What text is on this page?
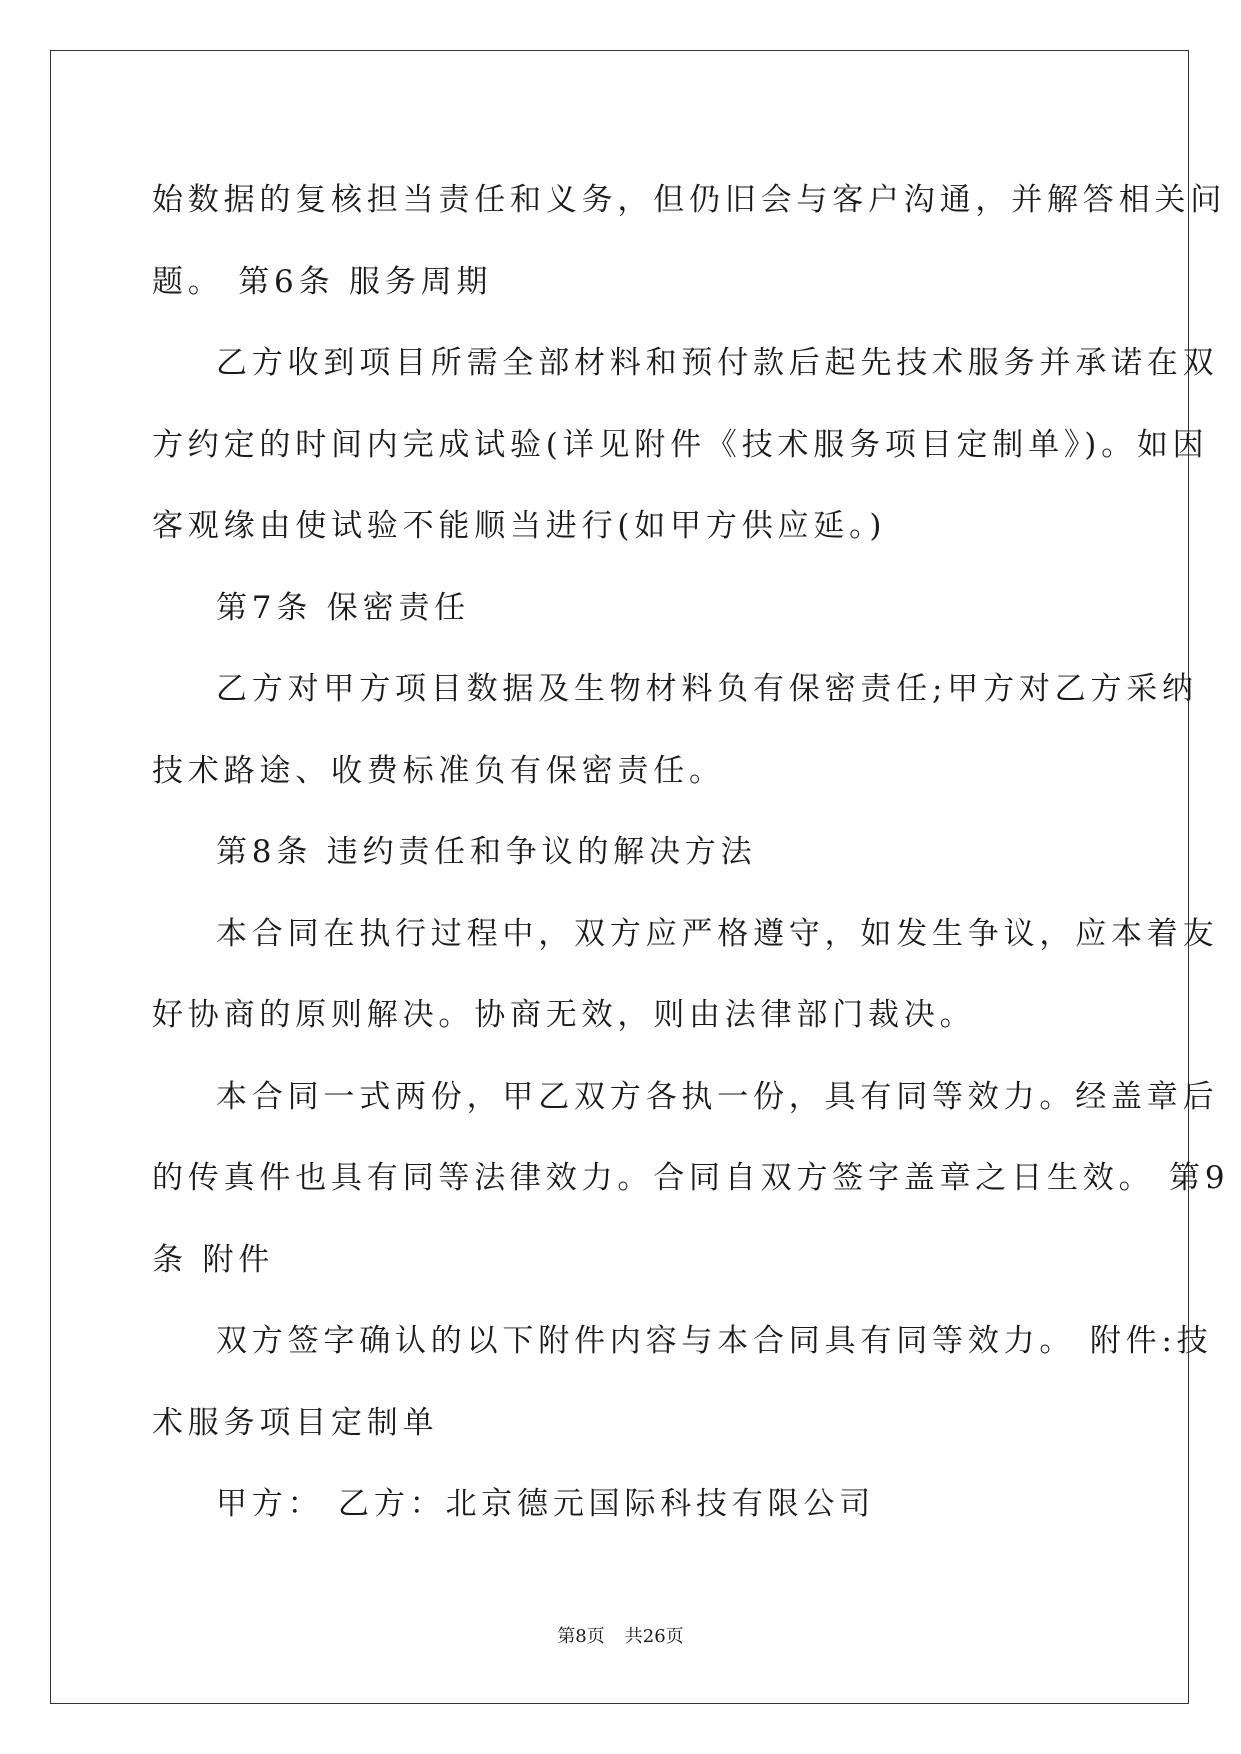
始数据的复核担当责任和义务，但仍旧会与客户沟通，并解答相关问

题。 第6条 服务周期

乙方收到项目所需全部材料和预付款后起先技术服务并承诺在双

方约定的时间内完成试验(详见附件《技术服务项目定制单》)。如因

客观缘由使试验不能顺当进行(如甲方供应延。)

第7条 保密责任

乙方对甲方项目数据及生物材料负有保密责任;甲方对乙方采纳

技术路途、收费标准负有保密责任。

第8条 违约责任和争议的解决方法

本合同在执行过程中，双方应严格遵守，如发生争议，应本着友

好协商的原则解决。协商无效，则由法律部门裁决。

本合同一式两份，甲乙双方各执一份，具有同等效力。经盖章后

的传真件也具有同等法律效力。合同自双方签字盖章之日生效。 第9

条 附件

双方签字确认的以下附件内容与本合同具有同等效力。 附件:技

术服务项目定制单

甲方： 乙方：北京德元国际科技有限公司

第8页 共26页
